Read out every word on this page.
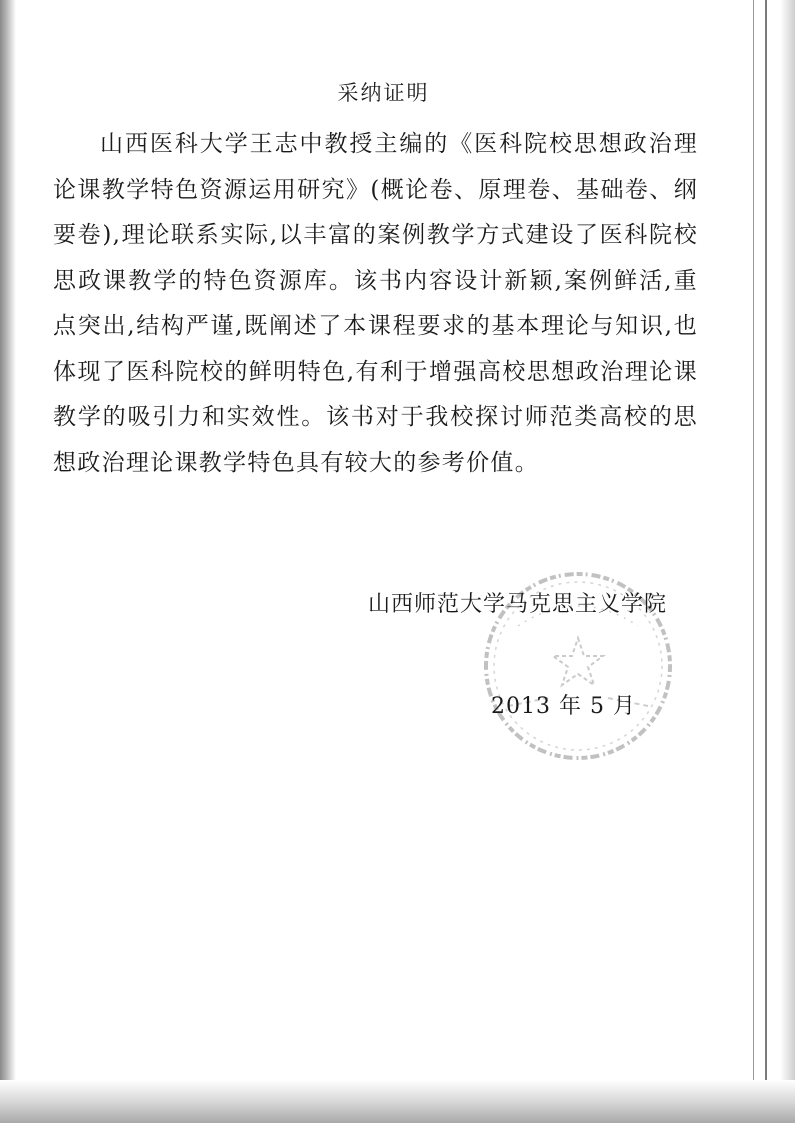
采纳证明

山西医科大学王志中教授主编的《医科院校思想政治理论课教学特色资源运用研究》(概论卷、原理卷、基础卷、纲要卷),理论联系实际,以丰富的案例教学方式建设了医科院校思政课教学的特色资源库。该书内容设计新颖,案例鲜活,重点突出,结构严谨,既阐述了本课程要求的基本理论与知识,也体现了医科院校的鲜明特色,有利于增强高校思想政治理论课教学的吸引力和实效性。该书对于我校探讨师范类高校的思想政治理论课教学特色具有较大的参考价值。

山西师范大学马克思主义学院
2013 年 5 月
